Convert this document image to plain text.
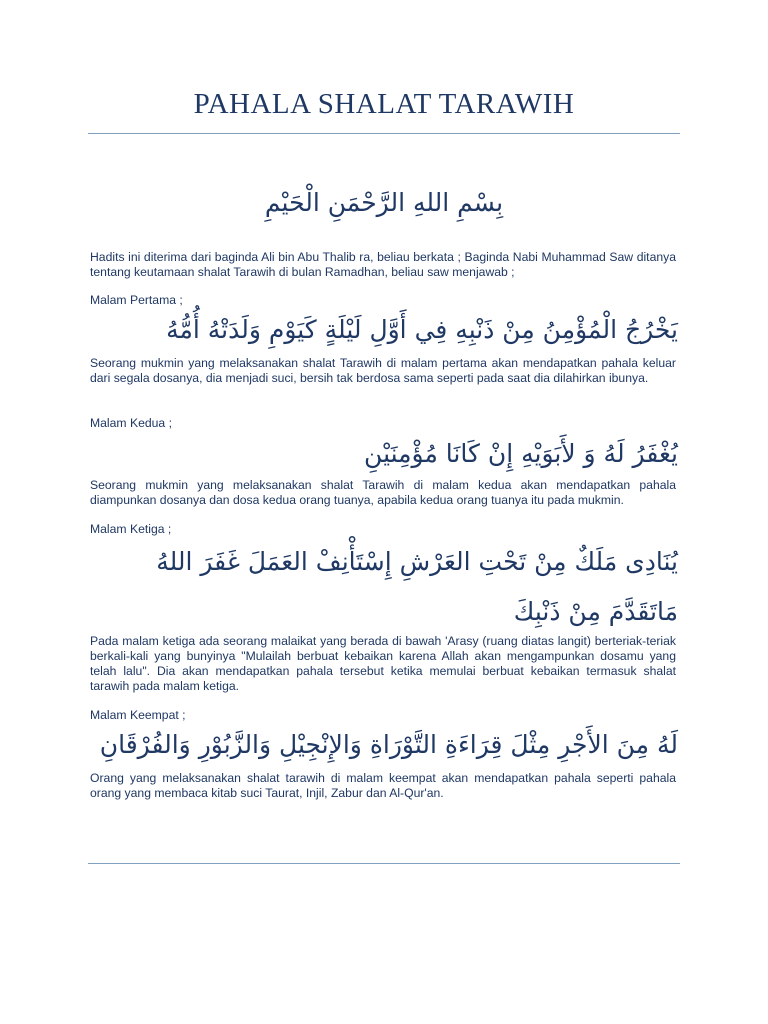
PAHALA SHALAT TARAWIH
بِسْمِ اللهِ الرَّحْمَنِ الْحَيْمِ

Hadits ini diterima dari baginda Ali bin Abu Thalib ra, beliau berkata ; Baginda Nabi Muhammad Saw ditanya tentang keutamaan shalat Tarawih di bulan Ramadhan, beliau saw menjawab ;

Malam Pertama ;

يَخْرُجُ الْمُؤْمِنُ مِنْ ذَنْبِهِ فِي أَوَّلِ لَيْلَةٍ كَيَوْمِ وَلَدَتْهُ أُمُّهُ

Seorang mukmin yang melaksanakan shalat Tarawih di malam pertama akan mendapatkan pahala keluar dari segala dosanya, dia menjadi suci, bersih tak berdosa sama seperti pada saat dia dilahirkan ibunya.

Malam Kedua ;

يُغْفَرُ لَهُ وَ لأَبَوَيْهِ إِنْ كَانَا مُؤْمِنَيْنِ

Seorang mukmin yang melaksanakan shalat Tarawih di malam kedua akan mendapatkan pahala diampunkan dosanya dan dosa kedua orang tuanya, apabila kedua orang tuanya itu pada mukmin.

Malam Ketiga ;

يُنَادِى مَلَكٌ مِنْ تَحْتِ العَرْشِ إِسْتَأْنِفْ العَمَلَ غَفَرَ اللهُ مَاتَقَدَّمَ مِنْ ذَنْبِكَ

Pada malam ketiga ada seorang malaikat yang berada di bawah 'Arasy (ruang diatas langit) berteriak-teriak berkali-kali yang bunyinya "Mulailah berbuat kebaikan karena Allah akan mengampunkan dosamu yang telah lalu". Dia akan mendapatkan pahala tersebut ketika memulai berbuat kebaikan termasuk shalat tarawih pada malam ketiga.

Malam Keempat ;

لَهُ مِنَ الأَجْرِ مِثْلَ قِرَاءَةِ التَّوْرَاةِ وَالإِنْجِيْلِ وَالزَّبُوْرِ وَالفُرْقَانِ

Orang yang melaksanakan shalat tarawih di malam keempat akan mendapatkan pahala seperti pahala orang yang membaca kitab suci Taurat, Injil, Zabur dan Al-Qur'an.
